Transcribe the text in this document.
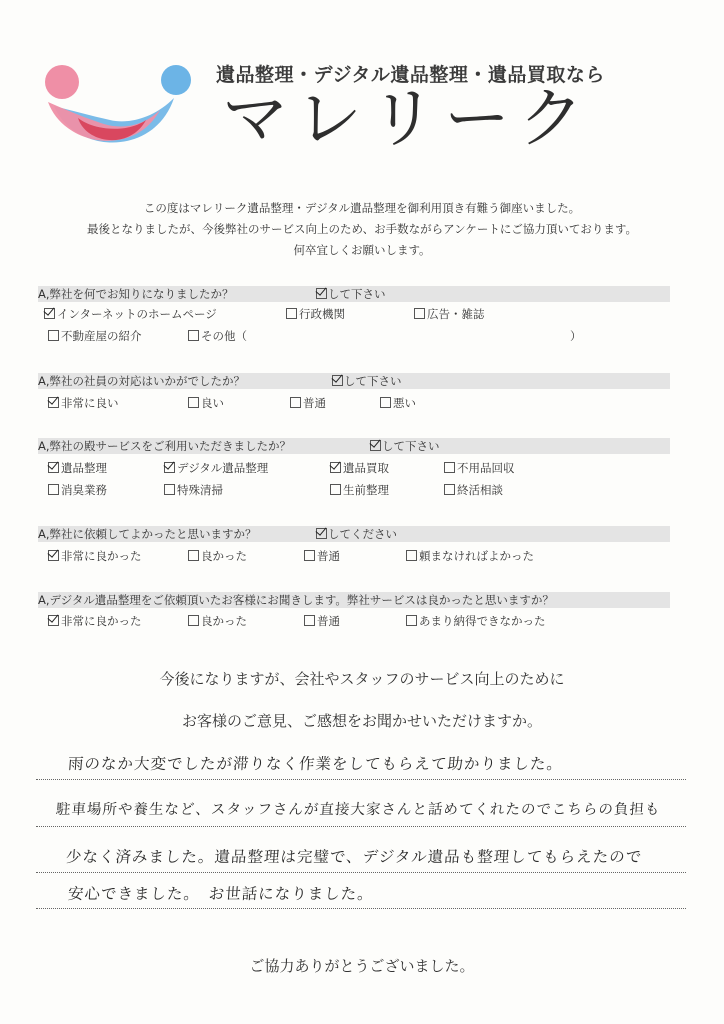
遺品整理・デジタル遺品整理・遺品買取なら
マレリーク
この度はマレリーク遺品整理・デジタル遺品整理を御利用頂き有難う御座いました。
最後となりましたが、今後弊社のサービス向上のため、お手数ながらアンケートにご協力頂いております。
何卒宜しくお願いします。
A,弊社を何でお知りになりましたか？	して下さい
インターネットのホームページ	行政機関	広告・雑誌
不動産屋の紹介	その他（	）
A,弊社の社員の対応はいかがでしたか？	して下さい
非常に良い	良い	普通	悪い
A,弊社の殿サービスをご利用いただきましたか？	して下さい
遺品整理	デジタル遺品整理	遺品買取	不用品回収
消臭業務	特殊清掃	生前整理	終活相談
A,弊社に依頼してよかったと思いますか？	してください
非常に良かった	良かった	普通	頼まなければよかった
A,デジタル遺品整理をご依頼頂いたお客様にお聞きします。弊社サービスは良かったと思いますか？
非常に良かった	良かった	普通	あまり納得できなかった
今後になりますが、会社やスタッフのサービス向上のために
お客様のご意見、ご感想をお聞かせいただけますか。
雨のなか大変でしたが滞りなく作業をしてもらえて助かりました。
駐車場所や養生など、スタッフさんが直接大家さんと話めてくれたのでこちらの負担も
少なく済みました。遺品整理は完璧で、デジタル遺品も整理してもらえたので
安心できました。　お世話になりました。
ご協力ありがとうございました。
